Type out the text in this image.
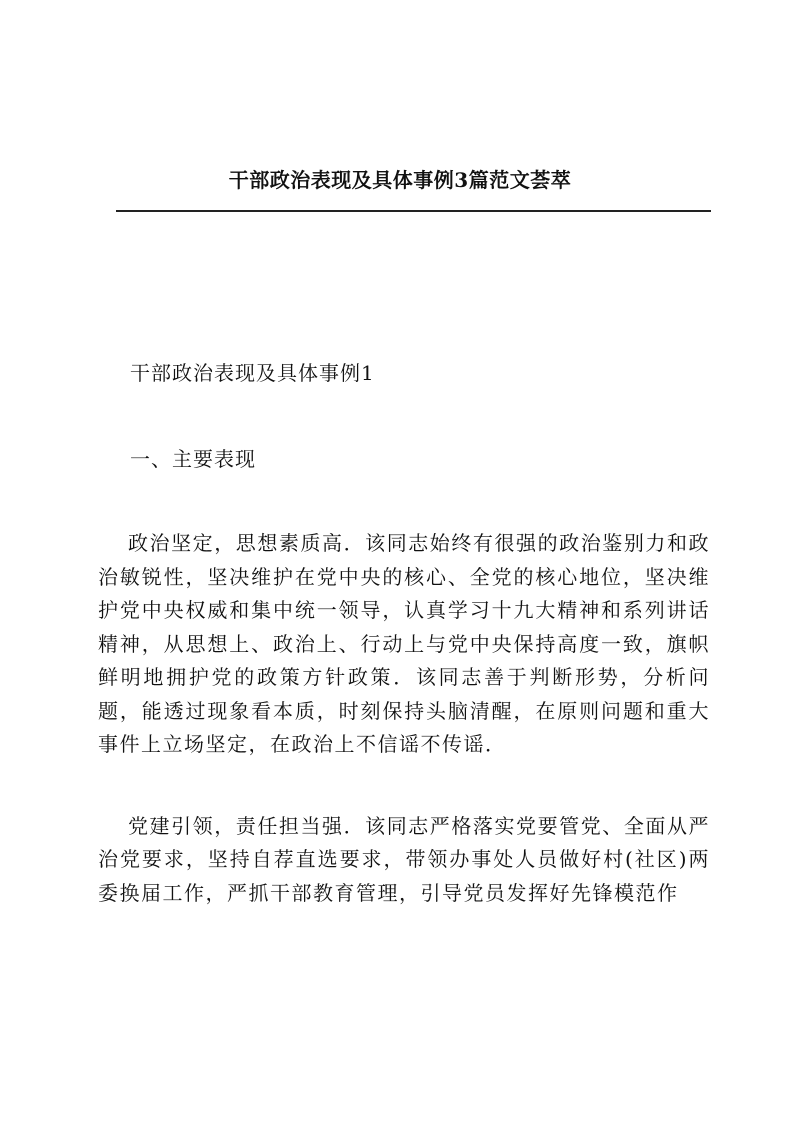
干部政治表现及具体事例3篇范文荟萃

干部政治表现及具体事例1

一、主要表现

政治坚定，思想素质高．该同志始终有很强的政治鉴别力和政治敏锐性，坚决维护在党中央的核心、全党的核心地位，坚决维护党中央权威和集中统一领导，认真学习十九大精神和系列讲话精神，从思想上、政治上、行动上与党中央保持高度一致，旗帜鲜明地拥护党的政策方针政策．该同志善于判断形势，分析问题，能透过现象看本质，时刻保持头脑清醒，在原则问题和重大事件上立场坚定，在政治上不信谣不传谣．

党建引领，责任担当强．该同志严格落实党要管党、全面从严治党要求，坚持自荐直选要求，带领办事处人员做好村(社区)两委换届工作，严抓干部教育管理，引导党员发挥好先锋模范作
